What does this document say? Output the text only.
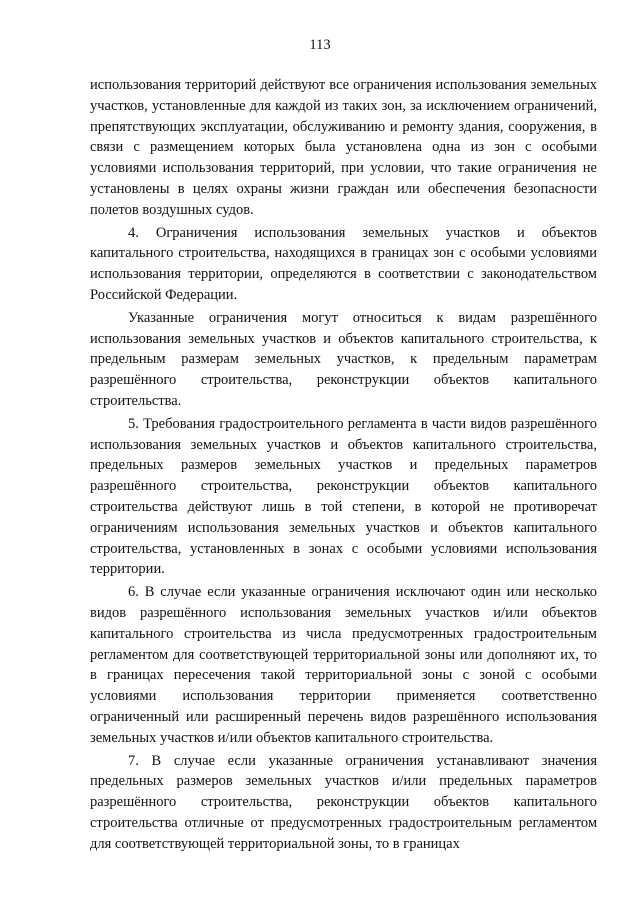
113

использования территорий действуют все ограничения использования земельных участков, установленные для каждой из таких зон, за исключением ограничений, препятствующих эксплуатации, обслуживанию и ремонту здания, сооружения, в связи с размещением которых была установлена одна из зон с особыми условиями использования территорий, при условии, что такие ограничения не установлены в целях охраны жизни граждан или обеспечения безопасности полетов воздушных судов.

4. Ограничения использования земельных участков и объектов капитального строительства, находящихся в границах зон с особыми условиями использования территории, определяются в соответствии с законодательством Российской Федерации.

Указанные ограничения могут относиться к видам разрешённого использования земельных участков и объектов капитального строительства, к предельным размерам земельных участков, к предельным параметрам разрешённого строительства, реконструкции объектов капитального строительства.

5. Требования градостроительного регламента в части видов разрешённого использования земельных участков и объектов капитального строительства, предельных размеров земельных участков и предельных параметров разрешённого строительства, реконструкции объектов капитального строительства действуют лишь в той степени, в которой не противоречат ограничениям использования земельных участков и объектов капитального строительства, установленных в зонах с особыми условиями использования территории.

6. В случае если указанные ограничения исключают один или несколько видов разрешённого использования земельных участков и/или объектов капитального строительства из числа предусмотренных градостроительным регламентом для соответствующей территориальной зоны или дополняют их, то в границах пересечения такой территориальной зоны с зоной с особыми условиями использования территории применяется соответственно ограниченный или расширенный перечень видов разрешённого использования земельных участков и/или объектов капитального строительства.

7. В случае если указанные ограничения устанавливают значения предельных размеров земельных участков и/или предельных параметров разрешённого строительства, реконструкции объектов капитального строительства отличные от предусмотренных градостроительным регламентом для соответствующей территориальной зоны, то в границах
